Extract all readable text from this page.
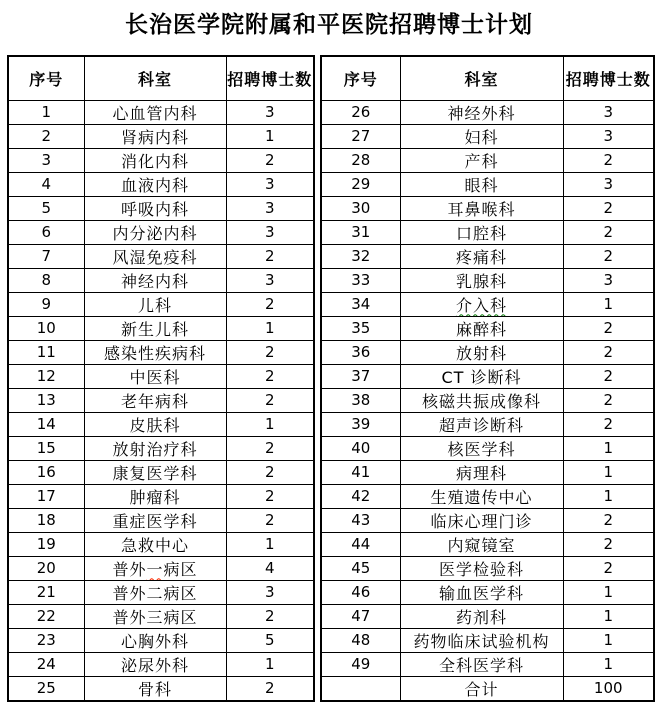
长治医学院附属和平医院招聘博士计划
序号	科室	招聘博士数
1	心血管内科	3
2	肾病内科	1
3	消化内科	2
4	血液内科	3
5	呼吸内科	3
6	内分泌内科	3
7	风湿免疫科	2
8	神经内科	3
9	儿科	2
10	新生儿科	1
11	感染性疾病科	2
12	中医科	2
13	老年病科	2
14	皮肤科	1
15	放射治疗科	2
16	康复医学科	2
17	肿瘤科	2
18	重症医学科	2
19	急救中心	1
20	普外一病区	4
21	普外二病区	3
22	普外三病区	2
23	心胸外科	5
24	泌尿外科	1
25	骨科	2
序号	科室	招聘博士数
26	神经外科	3
27	妇科	3
28	产科	2
29	眼科	3
30	耳鼻喉科	2
31	口腔科	2
32	疼痛科	2
33	乳腺科	3
34	介入科	1
35	麻醉科	2
36	放射科	2
37	CT 诊断科	2
38	核磁共振成像科	2
39	超声诊断科	2
40	核医学科	1
41	病理科	1
42	生殖遗传中心	1
43	临床心理门诊	2
44	内窥镜室	2
45	医学检验科	2
46	输血医学科	1
47	药剂科	1
48	药物临床试验机构	1
49	全科医学科	1
	合计	100
